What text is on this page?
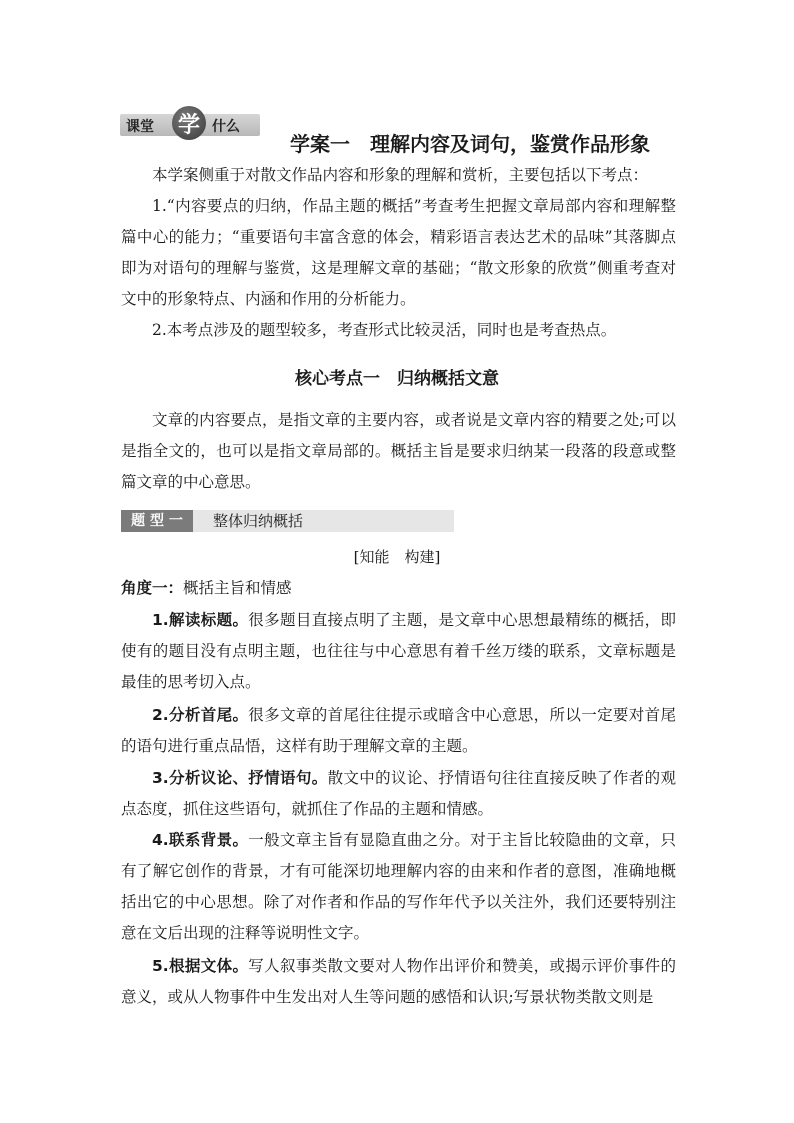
课堂 学 什么
学案一　理解内容及词句，鉴赏作品形象

本学案侧重于对散文作品内容和形象的理解和赏析，主要包括以下考点：

1.“内容要点的归纳，作品主题的概括”考查考生把握文章局部内容和理解整篇中心的能力；“重要语句丰富含意的体会，精彩语言表达艺术的品味”其落脚点即为对语句的理解与鉴赏，这是理解文章的基础；“散文形象的欣赏”侧重考查对文中的形象特点、内涵和作用的分析能力。

2.本考点涉及的题型较多，考查形式比较灵活，同时也是考查热点。

核心考点一　归纳概括文意

文章的内容要点，是指文章的主要内容，或者说是文章内容的精要之处;可以是指全文的，也可以是指文章局部的。概括主旨是要求归纳某一段落的段意或整篇文章的中心意思。

题 型 一	整体归纳概括
[知能　构建]
角度一：概括主旨和情感

1.解读标题。很多题目直接点明了主题，是文章中心思想最精练的概括，即使有的题目没有点明主题，也往往与中心意思有着千丝万缕的联系，文章标题是最佳的思考切入点。

2.分析首尾。很多文章的首尾往往提示或暗含中心意思，所以一定要对首尾的语句进行重点品悟，这样有助于理解文章的主题。

3.分析议论、抒情语句。散文中的议论、抒情语句往往直接反映了作者的观点态度，抓住这些语句，就抓住了作品的主题和情感。

4.联系背景。一般文章主旨有显隐直曲之分。对于主旨比较隐曲的文章，只有了解它创作的背景，才有可能深切地理解内容的由来和作者的意图，准确地概括出它的中心思想。除了对作者和作品的写作年代予以关注外，我们还要特别注意在文后出现的注释等说明性文字。

5.根据文体。写人叙事类散文要对人物作出评价和赞美，或揭示评价事件的意义，或从人物事件中生发出对人生等问题的感悟和认识;写景状物类散文则是
